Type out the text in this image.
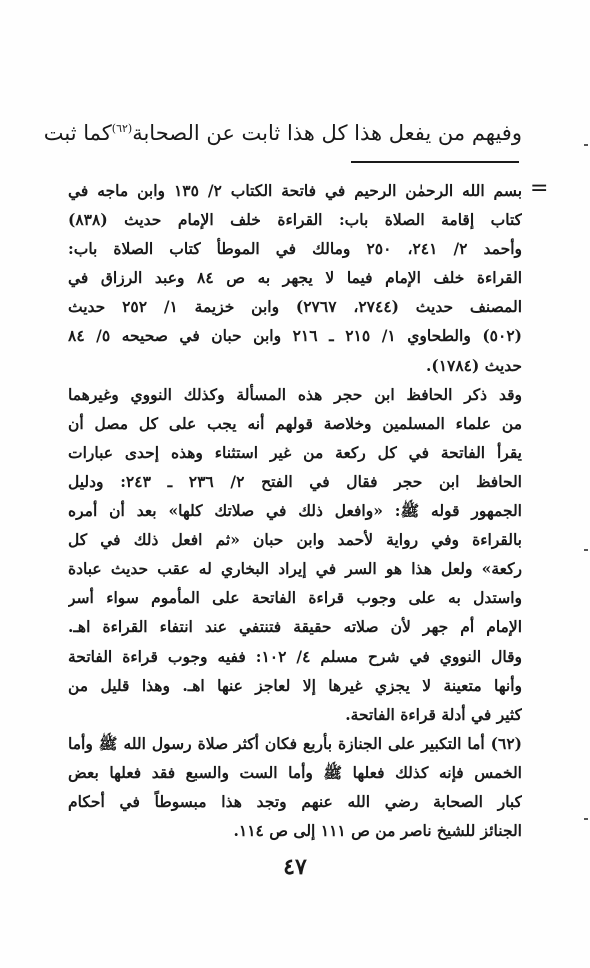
وفيهم من يفعل هذا كل هذا ثابت عن الصحابة$^{(٦٢)}$كما ثبت
=
بسم الله الرحمٰن الرحيم في فاتحة الكتاب ٢/ ١٣٥ وابن ماجه في
كتاب إقامة الصلاة باب: القراءة خلف الإمام حديث (٨٣٨)
وأحمد ٢/ ٢٤١، ٢٥٠ ومالك في الموطأ كتاب الصلاة باب:
القراءة خلف الإمام فيما لا يجهر به ص ٨٤ وعبد الرزاق في
المصنف حديث (٢٧٤٤، ٢٧٦٧) وابن خزيمة ١/ ٢٥٢ حديث
(٥٠٢) والطحاوي ١/ ٢١٥ ـ ٢١٦ وابن حبان في صحيحه ٥/ ٨٤
حديث (١٧٨٤).
وقد ذكر الحافظ ابن حجر هذه المسألة وكذلك النووي وغيرهما
من علماء المسلمين وخلاصة قولهم أنه يجب على كل مصل أن
يقرأ الفاتحة في كل ركعة من غير استثناء وهذه إحدى عبارات
الحافظ ابن حجر فقال في الفتح ٢/ ٢٣٦ ـ ٢٤٣: ودليل
الجمهور قوله ﷺ: «وافعل ذلك في صلاتك كلها» بعد أن أمره
بالقراءة وفي رواية لأحمد وابن حبان «ثم افعل ذلك في كل
ركعة» ولعل هذا هو السر في إيراد البخاري له عقب حديث عبادة
واستدل به على وجوب قراءة الفاتحة على المأموم سواء أسر
الإمام أم جهر لأن صلاته حقيقة فتنتفي عند انتفاء القراءة اهـ.
وقال النووي في شرح مسلم ٤/ ١٠٢: ففيه وجوب قراءة الفاتحة
وأنها متعينة لا يجزي غيرها إلا لعاجز عنها اهـ. وهذا قليل من
كثير في أدلة قراءة الفاتحة.
(٦٢) أما التكبير على الجنازة بأربع فكان أكثر صلاة رسول الله ﷺ وأما
الخمس فإنه كذلك فعلها ﷺ وأما الست والسبع فقد فعلها بعض
كبار الصحابة رضي الله عنهم وتجد هذا مبسوطاً في أحكام
الجنائز للشيخ ناصر من ص ١١١ إلى ص ١١٤.
٤٧
